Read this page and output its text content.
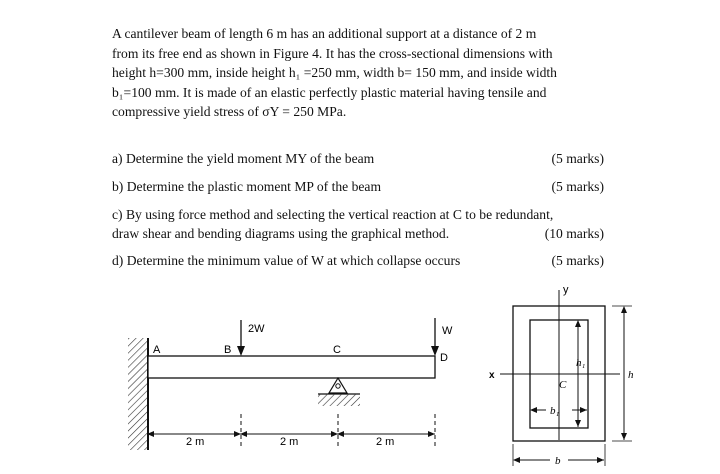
A cantilever beam of length 6 m has an additional support at a distance of 2 m

from its free end as shown in Figure 4. It has the cross-sectional dimensions with

height h=300 mm, inside height h₁ =250 mm, width b= 150 mm, and inside width

b₁=100 mm. It is made of an elastic perfectly plastic material having tensile and

compressive yield stress of σY = 250 MPa.

a) Determine the yield moment MY of the beam	(5 marks)
b) Determine the plastic moment MP of the beam	(5 marks)
c) By using force method and selecting the vertical reaction at C to be redundant,
draw shear and bending diagrams using the graphical method.	(10 marks)
d) Determine the minimum value of W at which collapse occurs	(5 marks)
A	B	C
D
2W	W
2 m	2 m	2 m
y
x
C
h₁
h
b₁
b
